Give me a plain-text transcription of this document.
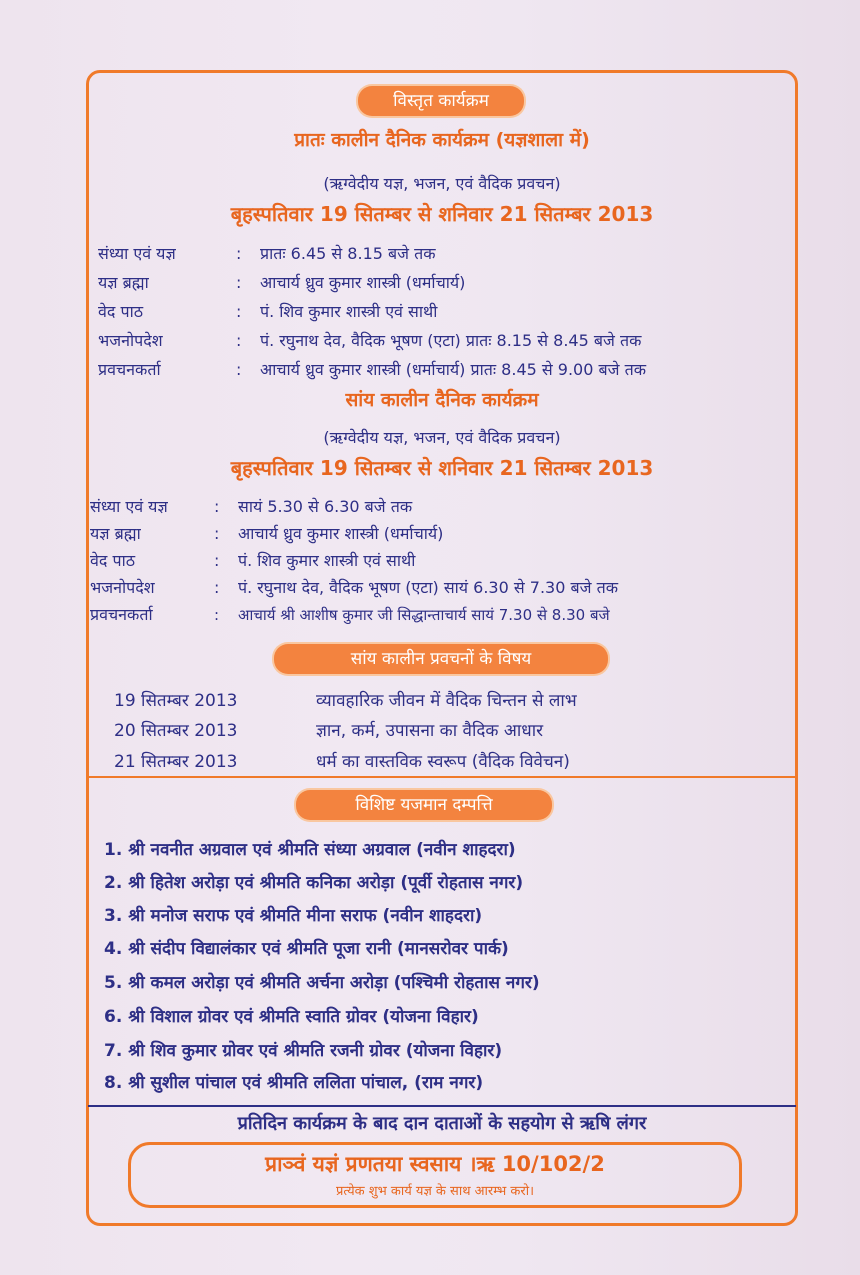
विस्तृत कार्यक्रम
प्रातः कालीन दैनिक कार्यक्रम (यज्ञशाला में)
(ऋग्वेदीय यज्ञ, भजन, एवं वैदिक प्रवचन)
बृहस्पतिवार 19 सितम्बर से शनिवार 21 सितम्बर 2013
संध्या एवं यज्ञ	: प्रातः 6.45 से 8.15 बजे तक
यज्ञ ब्रह्मा	: आचार्य ध्रुव कुमार शास्त्री (धर्माचार्य)
वेद पाठ	: पं. शिव कुमार शास्त्री एवं साथी
भजनोपदेश	: पं. रघुनाथ देव, वैदिक भूषण (एटा) प्रातः 8.15 से 8.45 बजे तक
प्रवचनकर्ता	: आचार्य ध्रुव कुमार शास्त्री (धर्माचार्य) प्रातः 8.45 से 9.00 बजे तक
सांय कालीन दैनिक कार्यक्रम
(ऋग्वेदीय यज्ञ, भजन, एवं वैदिक प्रवचन)
बृहस्पतिवार 19 सितम्बर से शनिवार 21 सितम्बर 2013
संध्या एवं यज्ञ	: सायं 5.30 से 6.30 बजे तक
यज्ञ ब्रह्मा	: आचार्य ध्रुव कुमार शास्त्री (धर्माचार्य)
वेद पाठ	: पं. शिव कुमार शास्त्री एवं साथी
भजनोपदेश	: पं. रघुनाथ देव, वैदिक भूषण (एटा) सायं 6.30 से 7.30 बजे तक
प्रवचनकर्ता	: आचार्य श्री आशीष कुमार जी सिद्धान्ताचार्य सायं 7.30 से 8.30 बजे
सांय कालीन प्रवचनों के विषय
19 सितम्बर 2013	व्यावहारिक जीवन में वैदिक चिन्तन से लाभ
20 सितम्बर 2013	ज्ञान, कर्म, उपासना का वैदिक आधार
21 सितम्बर 2013	धर्म का वास्तविक स्वरूप (वैदिक विवेचन)
विशिष्ट यजमान दम्पत्ति
1. श्री नवनीत अग्रवाल एवं श्रीमति संध्या अग्रवाल (नवीन शाहदरा)
2. श्री हितेश अरोड़ा एवं श्रीमति कनिका अरोड़ा (पूर्वी रोहतास नगर)
3. श्री मनोज सराफ एवं श्रीमति मीना सराफ (नवीन शाहदरा)
4. श्री संदीप विद्यालंकार एवं श्रीमति पूजा रानी (मानसरोवर पार्क)
5. श्री कमल अरोड़ा एवं श्रीमति अर्चना अरोड़ा (पश्चिमी रोहतास नगर)
6. श्री विशाल ग्रोवर एवं श्रीमति स्वाति ग्रोवर (योजना विहार)
7. श्री शिव कुमार ग्रोवर एवं श्रीमति रजनी ग्रोवर (योजना विहार)
8. श्री सुशील पांचाल एवं श्रीमति ललिता पांचाल, (राम नगर)
प्रतिदिन कार्यक्रम के बाद दान दाताओं के सहयोग से ऋषि लंगर
प्राञ्वं यज्ञं प्रणतया स्वसाय ।ऋ 10/102/2
प्रत्येक शुभ कार्य यज्ञ के साथ आरम्भ करो।
